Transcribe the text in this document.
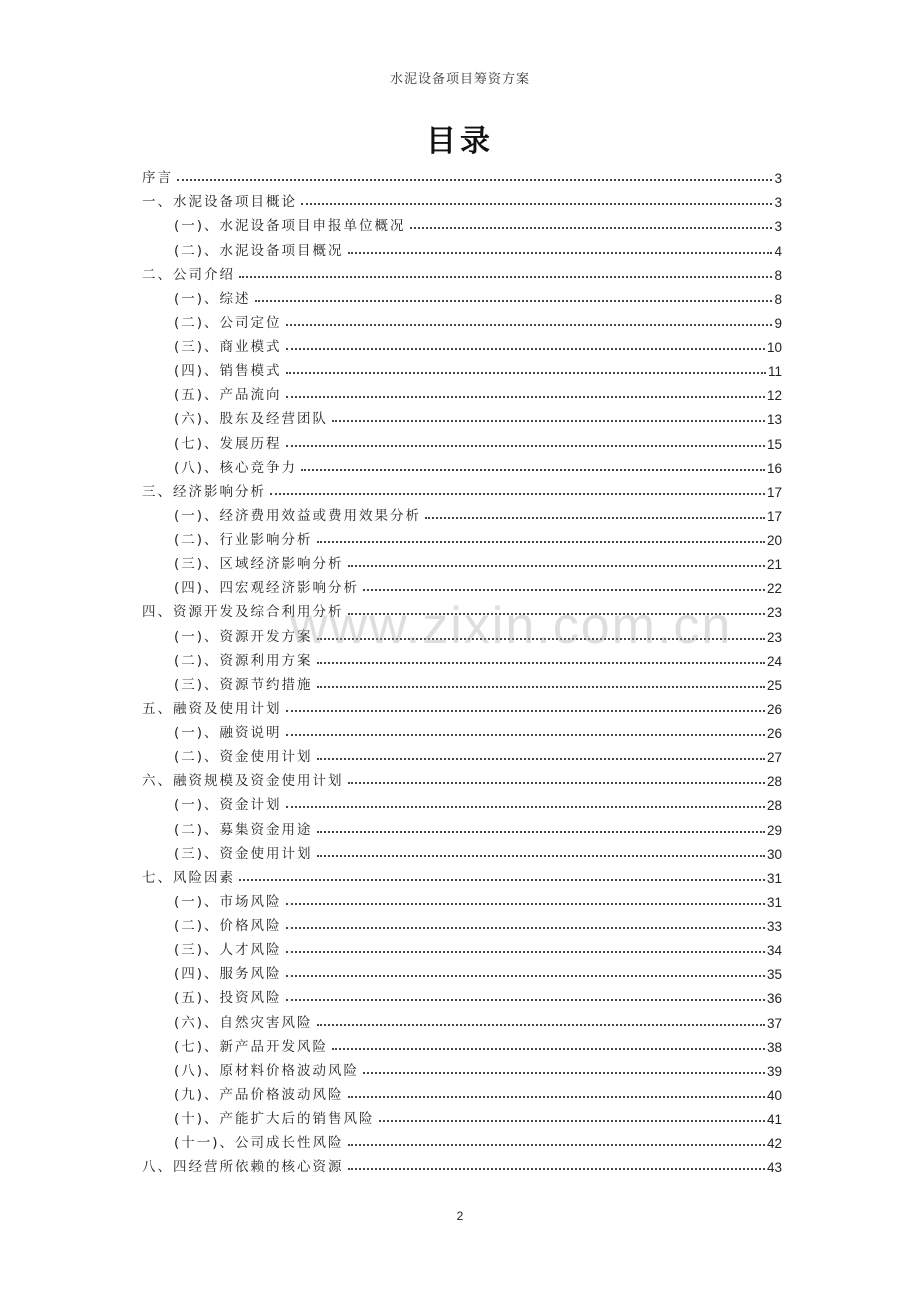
水泥设备项目筹资方案
目录
序言	3
一、水泥设备项目概论	3
(一)、水泥设备项目申报单位概况	3
(二)、水泥设备项目概况	4
二、公司介绍	8
(一)、综述	8
(二)、公司定位	9
(三)、商业模式	10
(四)、销售模式	11
(五)、产品流向	12
(六)、股东及经营团队	13
(七)、发展历程	15
(八)、核心竞争力	16
三、经济影响分析	17
(一)、经济费用效益或费用效果分析	17
(二)、行业影响分析	20
(三)、区域经济影响分析	21
(四)、四宏观经济影响分析	22
四、资源开发及综合利用分析	23
(一)、资源开发方案	23
(二)、资源利用方案	24
(三)、资源节约措施	25
五、融资及使用计划	26
(一)、融资说明	26
(二)、资金使用计划	27
六、融资规模及资金使用计划	28
(一)、资金计划	28
(二)、募集资金用途	29
(三)、资金使用计划	30
七、风险因素	31
(一)、市场风险	31
(二)、价格风险	33
(三)、人才风险	34
(四)、服务风险	35
(五)、投资风险	36
(六)、自然灾害风险	37
(七)、新产品开发风险	38
(八)、原材料价格波动风险	39
(九)、产品价格波动风险	40
(十)、产能扩大后的销售风险	41
(十一)、公司成长性风险	42
八、四经营所依赖的核心资源	43
www.zixin.com.cn
2
